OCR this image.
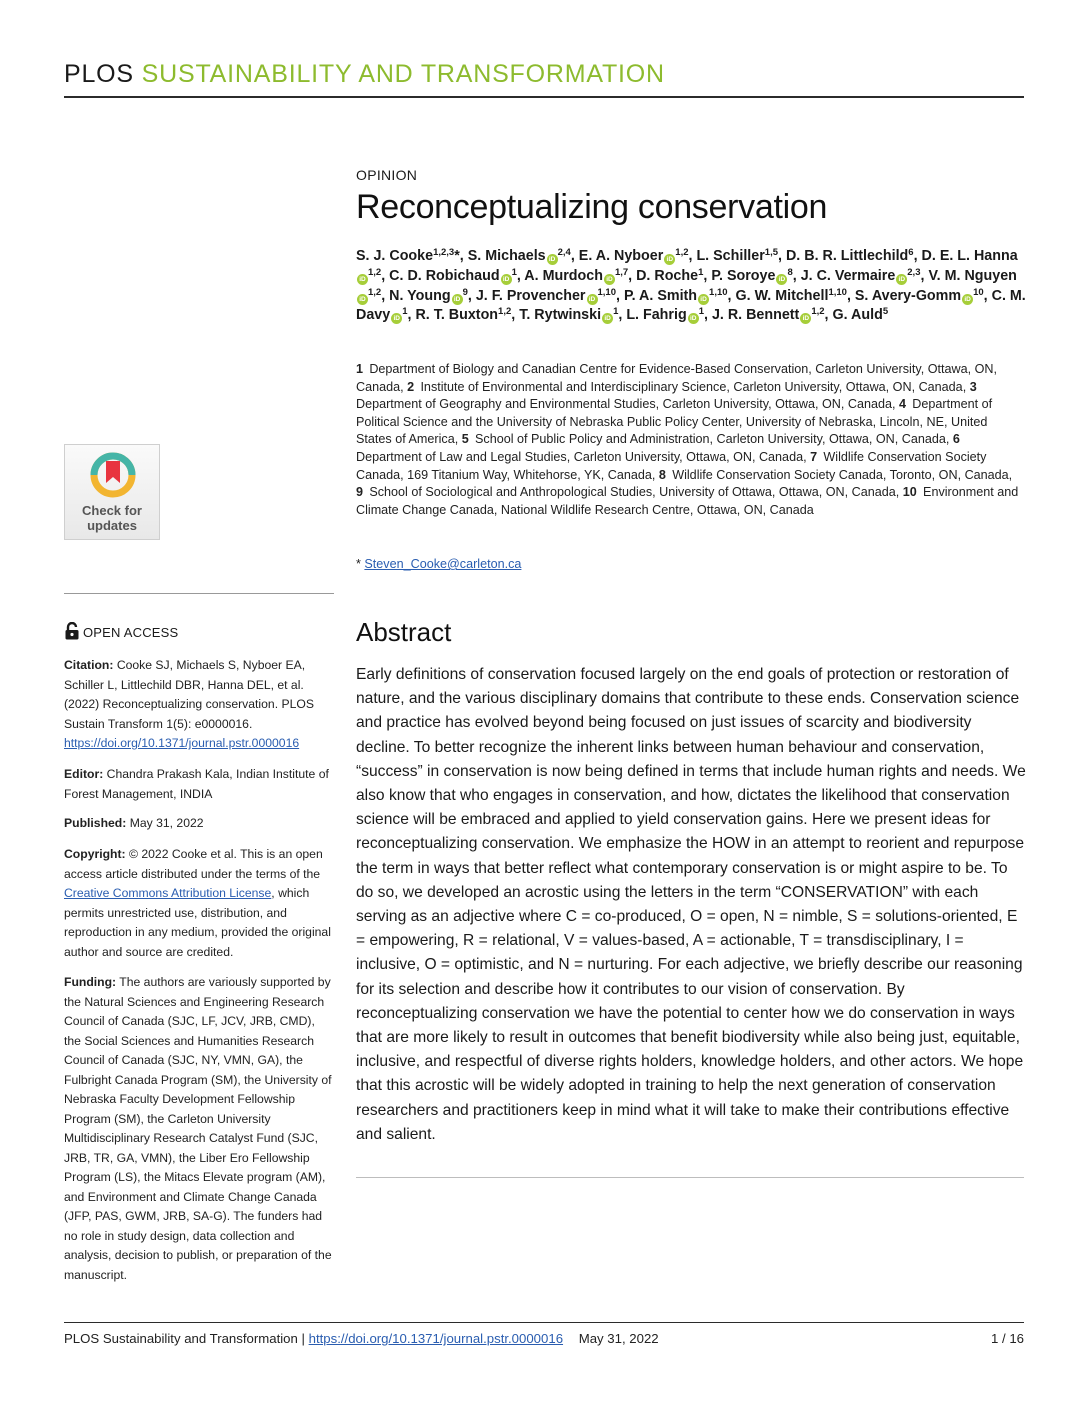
PLOS SUSTAINABILITY AND TRANSFORMATION
OPINION
Reconceptualizing conservation

S. J. Cooke$^{1,2,3}$*, S. Michaels iD$^{2,4}$, E. A. Nyboer iD$^{1,2}$, L. Schiller$^{1,5}$, D. B. R. Littlechild$^6$, D. E. L. HannaiD$^{1,2}$, C. D. Robichaud $iD^1$, A. Murdoch iD$^{1,7}$, D. Roche$^1$, P. Soroye $iD^8$, J. C. Vermaire iD$^{2,3}$, V. M. NguyeniD$^{1,2}$, N. Young $iD^9$, J. F. Provencher iD$^{1,10}$, P. A. Smith iD$^{1,10}$, G. W. Mitchell$^{1,10}$, S. Avery-Gomm $iD^{10}$, C. M. Davy $iD^1$, R. T. Buxton$^{1,2}$, T. Rytwinski $iD^1$, L. Fahrig $iD^1$, J. R. Bennett iD$^{1,2}$, G. Auld$^5$

1 Department of Biology and Canadian Centre for Evidence-Based Conservation, Carleton University, Ottawa, ON, Canada, 2 Institute of Environmental and Interdisciplinary Science, Carleton University, Ottawa, ON, Canada, 3 Department of Geography and Environmental Studies, Carleton University, Ottawa, ON, Canada, 4 Department of Political Science and the University of Nebraska Public Policy Center, University of Nebraska, Lincoln, NE, United States of America, 5 School of Public Policy and Administration, Carleton University, Ottawa, ON, Canada, 6 Department of Law and Legal Studies, Carleton University, Ottawa, ON, Canada, 7 Wildlife Conservation Society Canada, 169 Titanium Way, Whitehorse, YK, Canada, 8 Wildlife Conservation Society Canada, Toronto, ON, Canada, 9 School of Sociological and Anthropological Studies, University of Ottawa, Ottawa, ON, Canada, 10 Environment and Climate Change Canada, National Wildlife Research Centre, Ottawa, ON, Canada

* Steven_Cooke@carleton.ca
Check for
updates
OPEN ACCESS

Citation: Cooke SJ, Michaels S, Nyboer EA, Schiller L, Littlechild DBR, Hanna DEL, et al. (2022) Reconceptualizing conservation. PLOS Sustain Transform 1(5): e0000016. https://doi.org/10.1371/journal.pstr.0000016

Editor: Chandra Prakash Kala, Indian Institute of Forest Management, INDIA

Published: May 31, 2022

Copyright: © 2022 Cooke et al. This is an open access article distributed under the terms of the Creative Commons Attribution License, which permits unrestricted use, distribution, and reproduction in any medium, provided the original author and source are credited.

Funding: The authors are variously supported by the Natural Sciences and Engineering Research Council of Canada (SJC, LF, JCV, JRB, CMD), the Social Sciences and Humanities Research Council of Canada (SJC, NY, VMN, GA), the Fulbright Canada Program (SM), the University of Nebraska Faculty Development Fellowship Program (SM), the Carleton University Multidisciplinary Research Catalyst Fund (SJC, JRB, TR, GA, VMN), the Liber Ero Fellowship Program (LS), the Mitacs Elevate program (AM), and Environment and Climate Change Canada (JFP, PAS, GWM, JRB, SA-G). The funders had no role in study design, data collection and analysis, decision to publish, or preparation of the manuscript.

Abstract

Early definitions of conservation focused largely on the end goals of protection or restoration of nature, and the various disciplinary domains that contribute to these ends. Conservation science and practice has evolved beyond being focused on just issues of scarcity and biodiversity decline. To better recognize the inherent links between human behaviour and conservation, “success” in conservation is now being defined in terms that include human rights and needs. We also know that who engages in conservation, and how, dictates the likelihood that conservation science will be embraced and applied to yield conservation gains. Here we present ideas for reconceptualizing conservation. We emphasize the HOW in an attempt to reorient and repurpose the term in ways that better reflect what contemporary conservation is or might aspire to be. To do so, we developed an acrostic using the letters in the term “CONSERVATION” with each serving as an adjective where C = co-produced, O = open, N = nimble, S = solutions-oriented, E = empowering, R = relational, V = values-based, A = actionable, T = transdisciplinary, I = inclusive, O = optimistic, and N = nurturing. For each adjective, we briefly describe our reasoning for its selection and describe how it contributes to our vision of conservation. By reconceptualizing conservation we have the potential to center how we do conservation in ways that are more likely to result in outcomes that benefit biodiversity while also being just, equitable, inclusive, and respectful of diverse rights holders, knowledge holders, and other actors. We hope that this acrostic will be widely adopted in training to help the next generation of conservation researchers and practitioners keep in mind what it will take to make their contributions effective and salient.

PLOS Sustainability and Transformation | https://doi.org/10.1371/journal.pstr.0000016 May 31, 2022	1 / 16
